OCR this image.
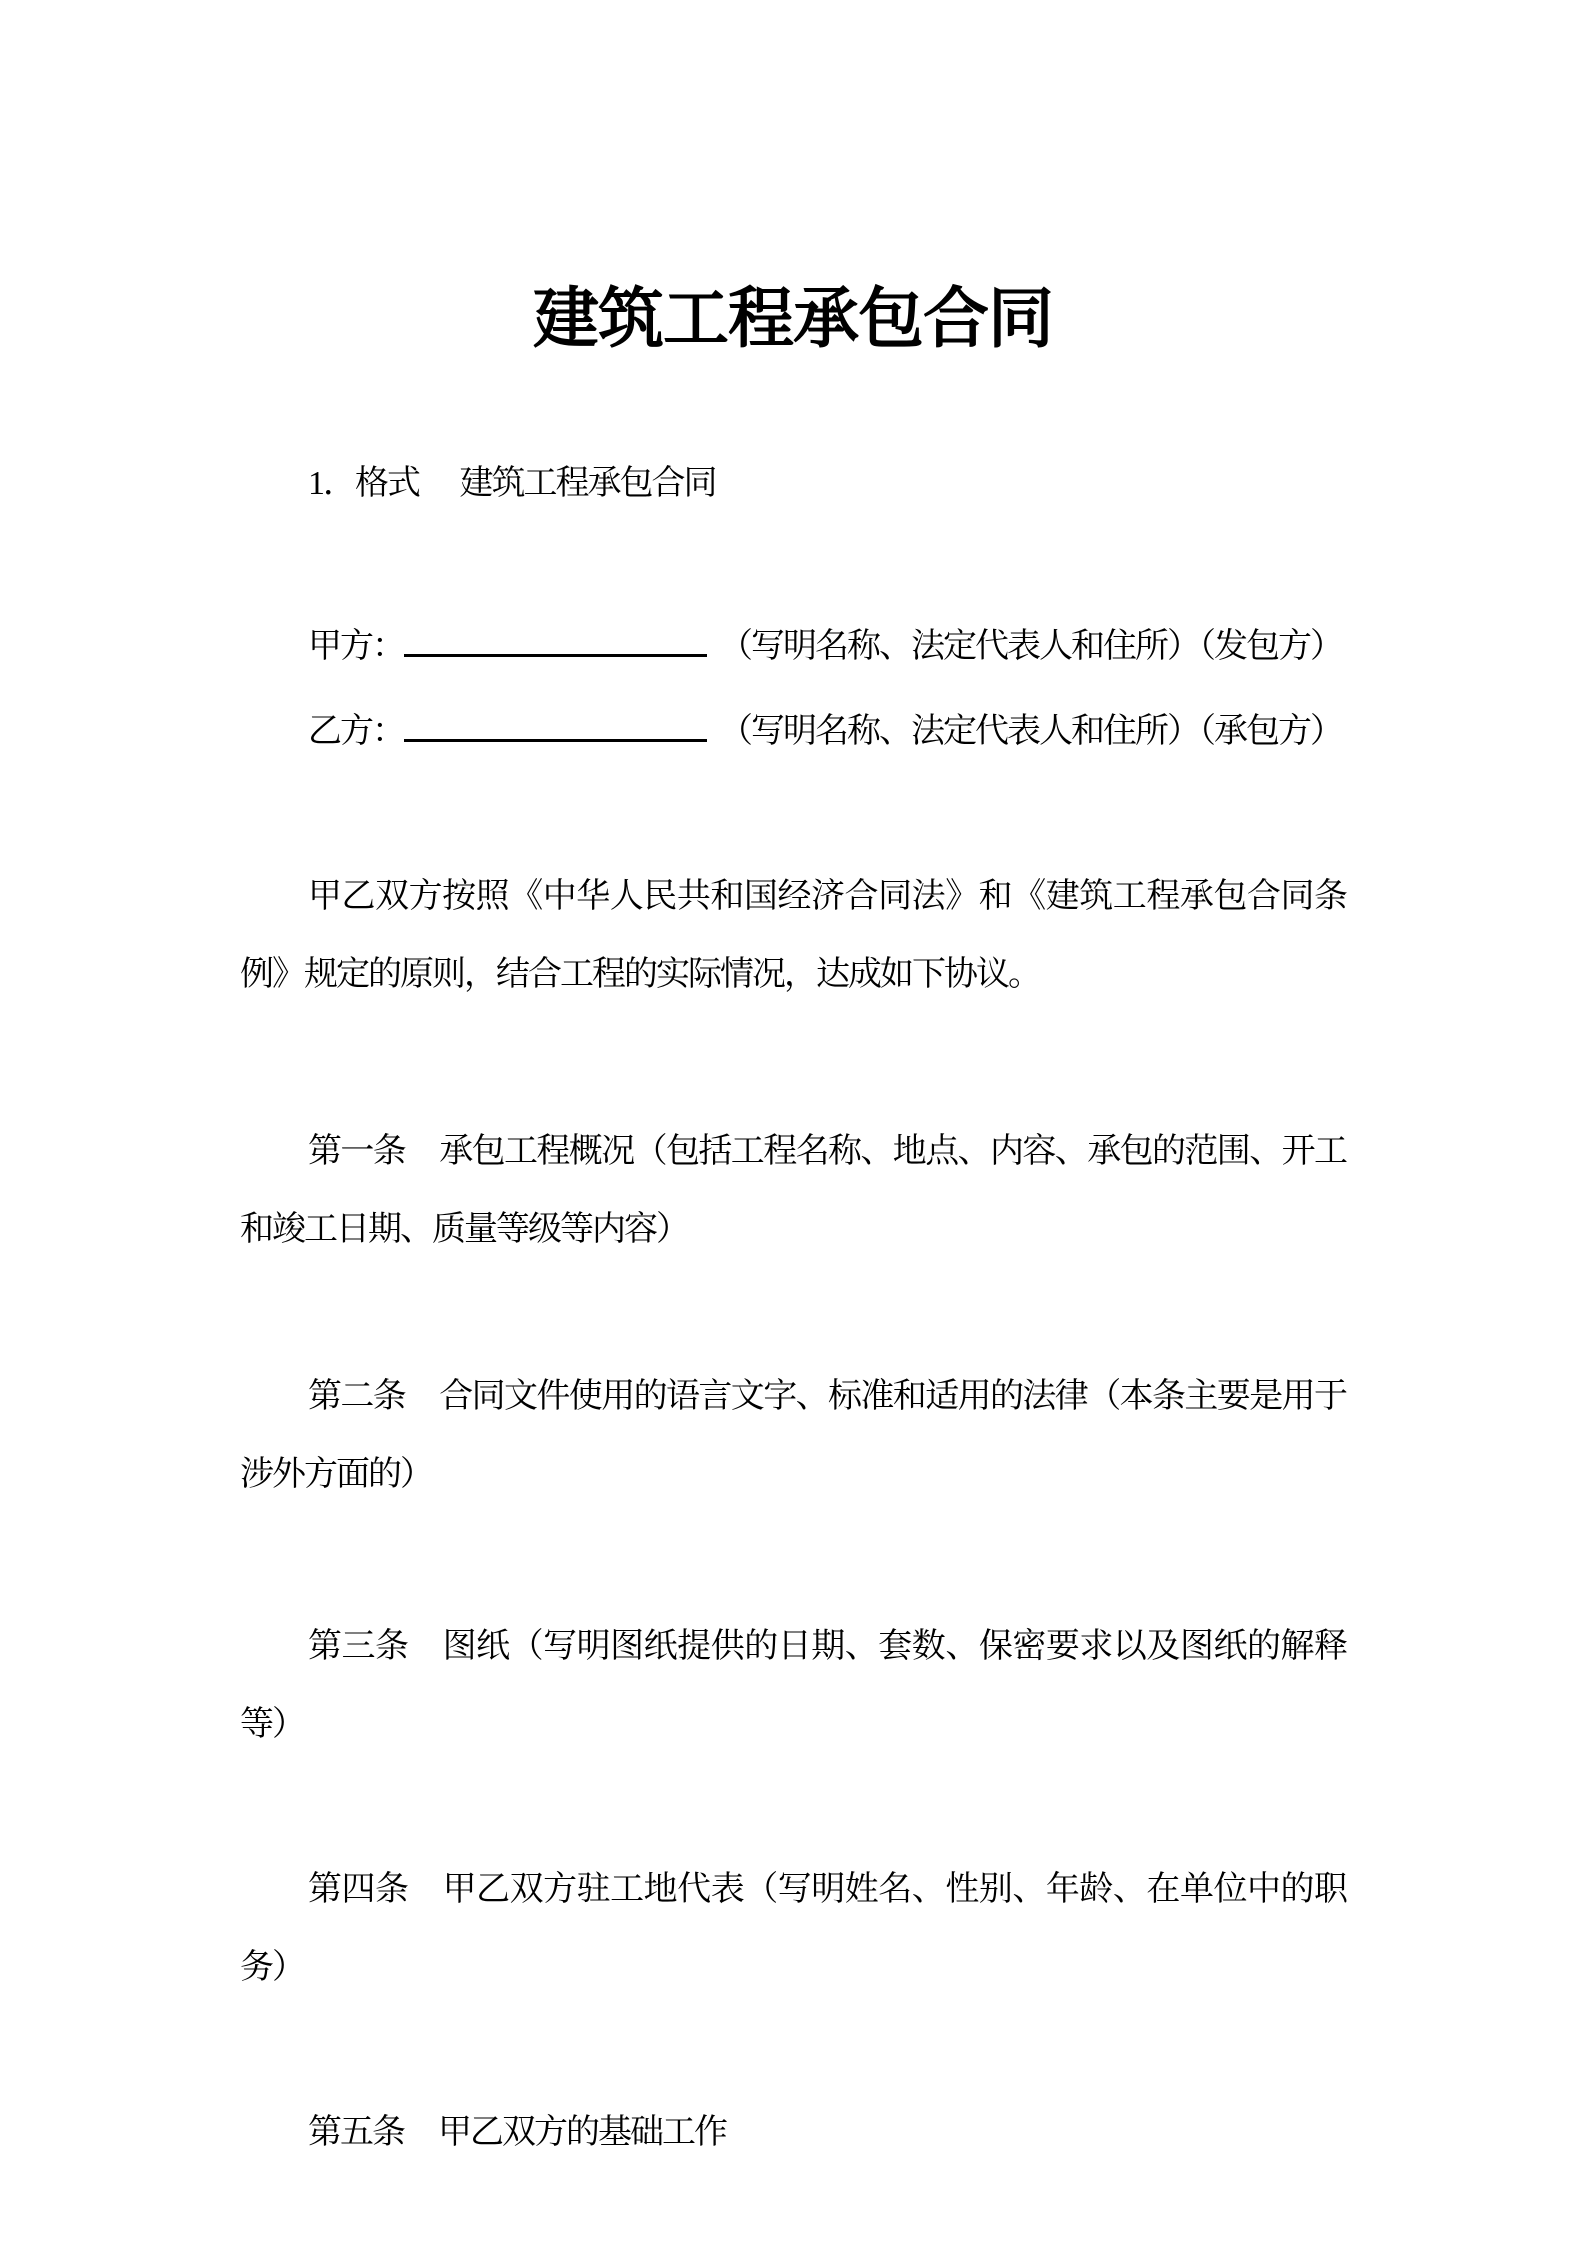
建筑工程承包合同

1．格式 建筑工程承包合同

甲方：	（写明名称、法定代表人和住所）（发包方）

乙方：	（写明名称、法定代表人和住所）（承包方）

甲乙双方按照《中华人民共和国经济合同法》和《建筑工程承包合同条例》规定的原则，结合工程的实际情况，达成如下协议。

第一条 承包工程概况（包括工程名称、地点、内容、承包的范围、开工和竣工日期、质量等级等内容）

第二条 合同文件使用的语言文字、标准和适用的法律（本条主要是用于涉外方面的）

第三条 图纸（写明图纸提供的日期、套数、保密要求以及图纸的解释等）

第四条 甲乙双方驻工地代表（写明姓名、性别、年龄、在单位中的职务）

第五条 甲乙双方的基础工作
